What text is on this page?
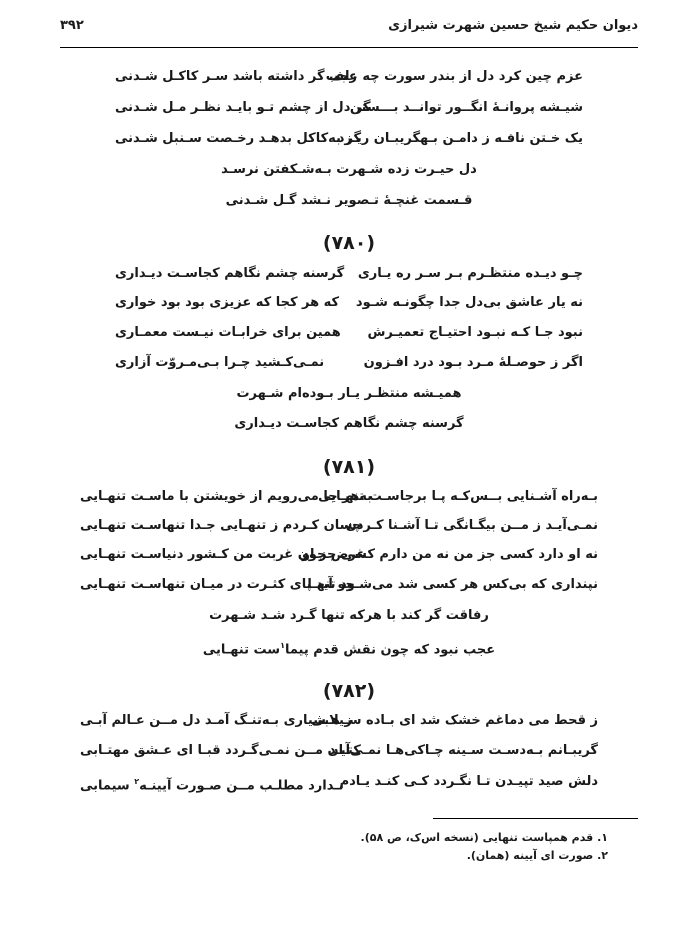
دیوان حکیم شیخ حسین شهرت شیرازی
۳۹۲
عزم چین کرد دل از بندر سورت چه عجب
زلف گر داشته باشد سـر کاکـل شـدنی
شیـشه پروانـهٔ انگــور توانــد بـــستن
گر دل از چشم تـو بایـد نظـر مـل شـدنی
یک خـتن نافـه ز دامـن بـهگریبـان ریـزد
گر به‌کاکل بدهـد رخـصت سـنبل شـدنی
دل حیـرت زده شـهرت بـه‌شـکفتن نرسـد
قـسمت غنچـهٔ تـصویر نـشد گـل شـدنی
(۷۸۰)
چـو دیـده منتظـرم بـر سـر ره یـاری
گرسنه چشم نگاهم کجاسـت دیـداری
نه یار عاشق بی‌دل جدا چگونـه شـود
که هر کجا که عزیزی بود بود خواری
نبود جـا کـه نبـود احتیـاج تعمیـرش
همین برای خرابـات نیـست معمـاری
اگر ز حوصـلهٔ مـرد بـود درد افـزون
نمـی‌کـشید چـرا بـی‌مـروّت آزاری
همیـشه منتظـر یـار بـوده‌ام شـهرت
گرسنه چشم نگاهم کجاسـت دیـداری
(۷۸۱)
بـه‌راه آشـنایی بــس‌کـه پـا برجاسـت تنهـایی
به‌هر جا می‌رویم از خویشتن با ماسـت تنهـایی
نمـی‌آیـد ز مــن بیگـانگی تـا آشـنا کـردن
چسان کـردم ز تنهـایی جـدا تنهاسـت تنهـایی
نه او دارد کسی جز من نه من دارم کسی جز او
غرض چون غربت من کـشور دنیاسـت تنهـایی
نپنداری که بی‌کس هر کسی شد می‌شـود تنهـا
چو آید پای کثـرت در میـان تنهاسـت تنهـایی
رفاقت گر کند با هرکه تنها گـرد شـد شـهرت
عجب نبود که چون نقش قدم پیما$^۱$ست تنهـایی
(۷۸۲)
ز قحط می دماغم خشک شد ای بـاده سـیلابی
ز هـشیاری بـه‌تنـگ آمـد دل مــن عـالم آبـی
گریبـانم بـه‌دسـت سـینه چـاکی‌هـا نمـی‌آیـد
کتـان مــن نمـی‌گـردد قبـا ای عـشق مهتـابی
دلش صید تپیـدن تـا نگـردد کـی کنـد یـادم
نـدارد مطلـب مــن صـورت آیینـه$^۲$ سیمابی
۱. قدم همپاست تنهایی (نسخه اس‌ک، ص ۵۸).
۲. صورت ای آیینه (همان).
